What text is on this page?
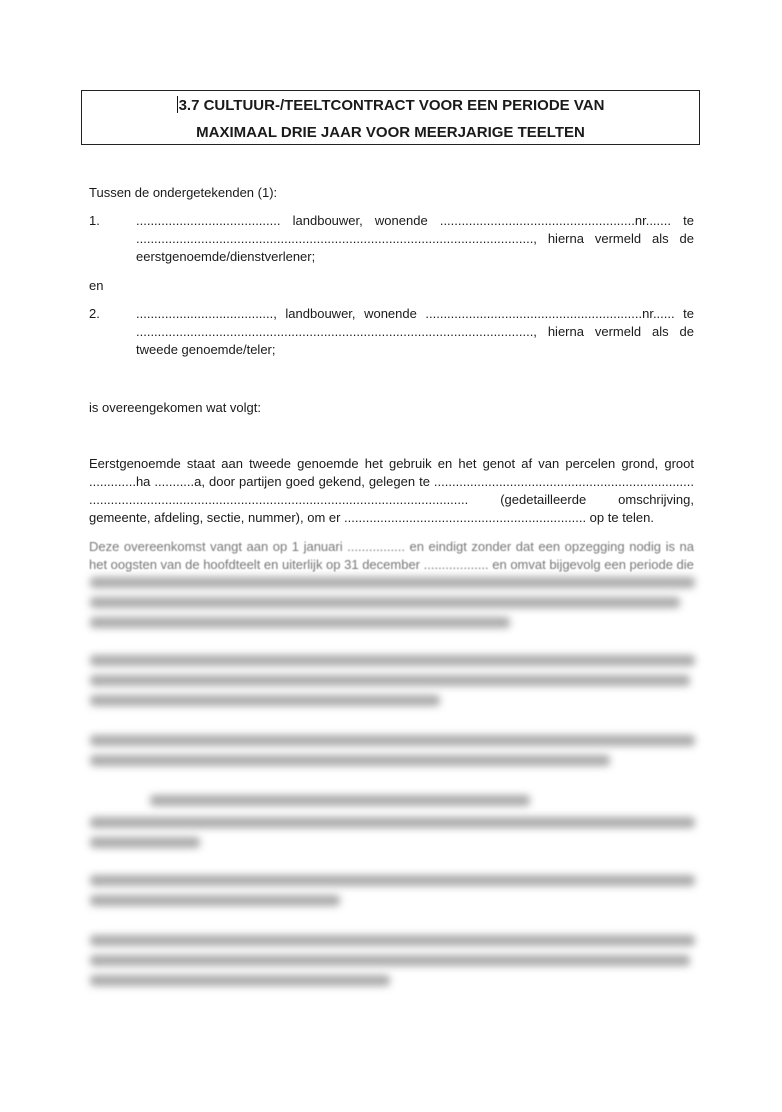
3.7 CULTUUR-/TEELTCONTRACT VOOR EEN PERIODE VAN
MAXIMAAL DRIE JAAR VOOR MEERJARIGE TEELTEN
Tussen de ondergetekenden (1):
1.	........................................ landbouwer, wonende ......................................................nr....... te .............................................................................................................., hierna vermeld als de eerstgenoemde/dienstverlener;
en
2.	......................................, landbouwer, wonende ............................................................nr...... te .............................................................................................................., hierna vermeld als de tweede genoemde/teler;
is overeengekomen wat volgt:
Eerstgenoemde staat aan tweede genoemde het gebruik en het genot af van percelen grond, groot .............ha ...........a, door partijen goed gekend, gelegen te ........................................................................ ......................................................................................................... (gedetailleerde omschrijving, gemeente, afdeling, sectie, nummer), om er ................................................................... op te telen.
Deze overeenkomst vangt aan op 1 januari ................ en eindigt zonder dat een opzegging nodig is na het oogsten van de hoofdteelt en uiterlijk op 31 december .................. en omvat bijgevolg een periode die
